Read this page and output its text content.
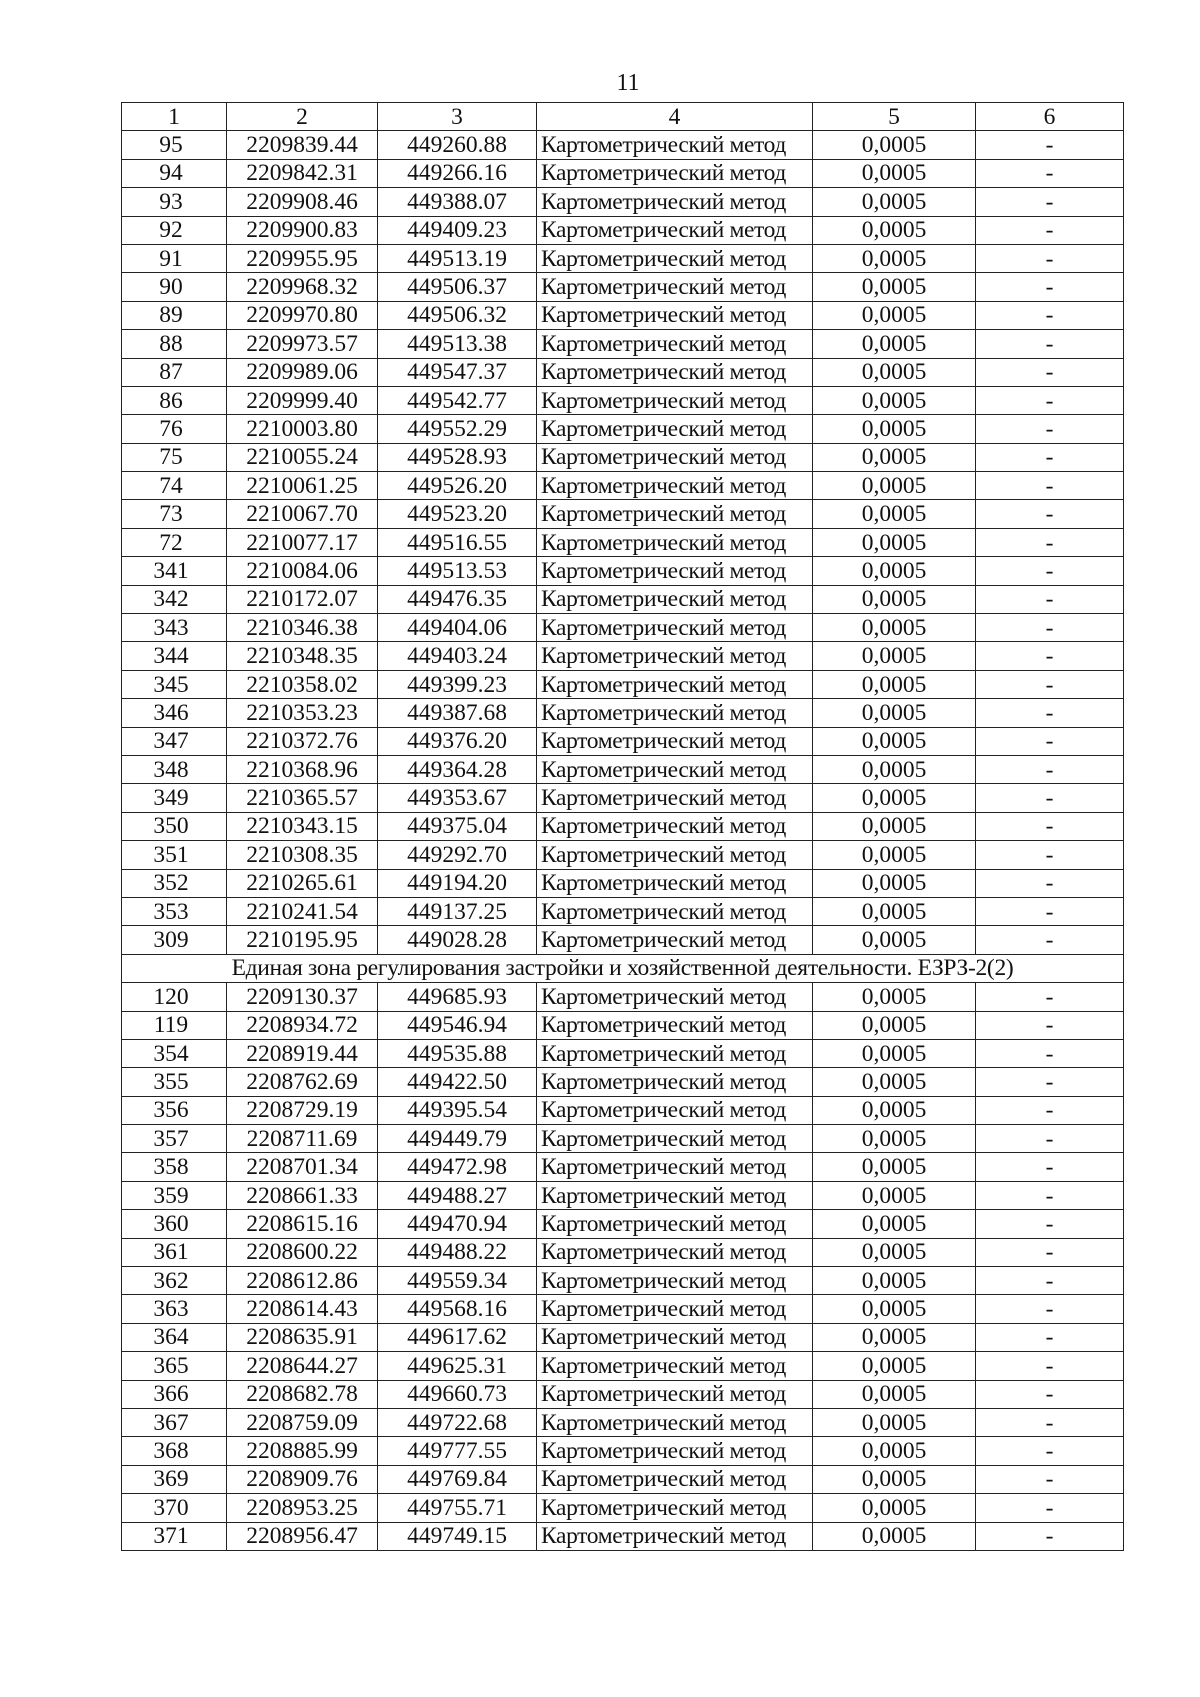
11
1	2	3	4	5	6
95	2209839.44	449260.88	Картометрический метод	0,0005	-
94	2209842.31	449266.16	Картометрический метод	0,0005	-
93	2209908.46	449388.07	Картометрический метод	0,0005	-
92	2209900.83	449409.23	Картометрический метод	0,0005	-
91	2209955.95	449513.19	Картометрический метод	0,0005	-
90	2209968.32	449506.37	Картометрический метод	0,0005	-
89	2209970.80	449506.32	Картометрический метод	0,0005	-
88	2209973.57	449513.38	Картометрический метод	0,0005	-
87	2209989.06	449547.37	Картометрический метод	0,0005	-
86	2209999.40	449542.77	Картометрический метод	0,0005	-
76	2210003.80	449552.29	Картометрический метод	0,0005	-
75	2210055.24	449528.93	Картометрический метод	0,0005	-
74	2210061.25	449526.20	Картометрический метод	0,0005	-
73	2210067.70	449523.20	Картометрический метод	0,0005	-
72	2210077.17	449516.55	Картометрический метод	0,0005	-
341	2210084.06	449513.53	Картометрический метод	0,0005	-
342	2210172.07	449476.35	Картометрический метод	0,0005	-
343	2210346.38	449404.06	Картометрический метод	0,0005	-
344	2210348.35	449403.24	Картометрический метод	0,0005	-
345	2210358.02	449399.23	Картометрический метод	0,0005	-
346	2210353.23	449387.68	Картометрический метод	0,0005	-
347	2210372.76	449376.20	Картометрический метод	0,0005	-
348	2210368.96	449364.28	Картометрический метод	0,0005	-
349	2210365.57	449353.67	Картометрический метод	0,0005	-
350	2210343.15	449375.04	Картометрический метод	0,0005	-
351	2210308.35	449292.70	Картометрический метод	0,0005	-
352	2210265.61	449194.20	Картометрический метод	0,0005	-
353	2210241.54	449137.25	Картометрический метод	0,0005	-
309	2210195.95	449028.28	Картометрический метод	0,0005	-
Единая зона регулирования застройки и хозяйственной деятельности. ЕЗРЗ-2(2)					
120	2209130.37	449685.93	Картометрический метод	0,0005	-
119	2208934.72	449546.94	Картометрический метод	0,0005	-
354	2208919.44	449535.88	Картометрический метод	0,0005	-
355	2208762.69	449422.50	Картометрический метод	0,0005	-
356	2208729.19	449395.54	Картометрический метод	0,0005	-
357	2208711.69	449449.79	Картометрический метод	0,0005	-
358	2208701.34	449472.98	Картометрический метод	0,0005	-
359	2208661.33	449488.27	Картометрический метод	0,0005	-
360	2208615.16	449470.94	Картометрический метод	0,0005	-
361	2208600.22	449488.22	Картометрический метод	0,0005	-
362	2208612.86	449559.34	Картометрический метод	0,0005	-
363	2208614.43	449568.16	Картометрический метод	0,0005	-
364	2208635.91	449617.62	Картометрический метод	0,0005	-
365	2208644.27	449625.31	Картометрический метод	0,0005	-
366	2208682.78	449660.73	Картометрический метод	0,0005	-
367	2208759.09	449722.68	Картометрический метод	0,0005	-
368	2208885.99	449777.55	Картометрический метод	0,0005	-
369	2208909.76	449769.84	Картометрический метод	0,0005	-
370	2208953.25	449755.71	Картометрический метод	0,0005	-
371	2208956.47	449749.15	Картометрический метод	0,0005	-
